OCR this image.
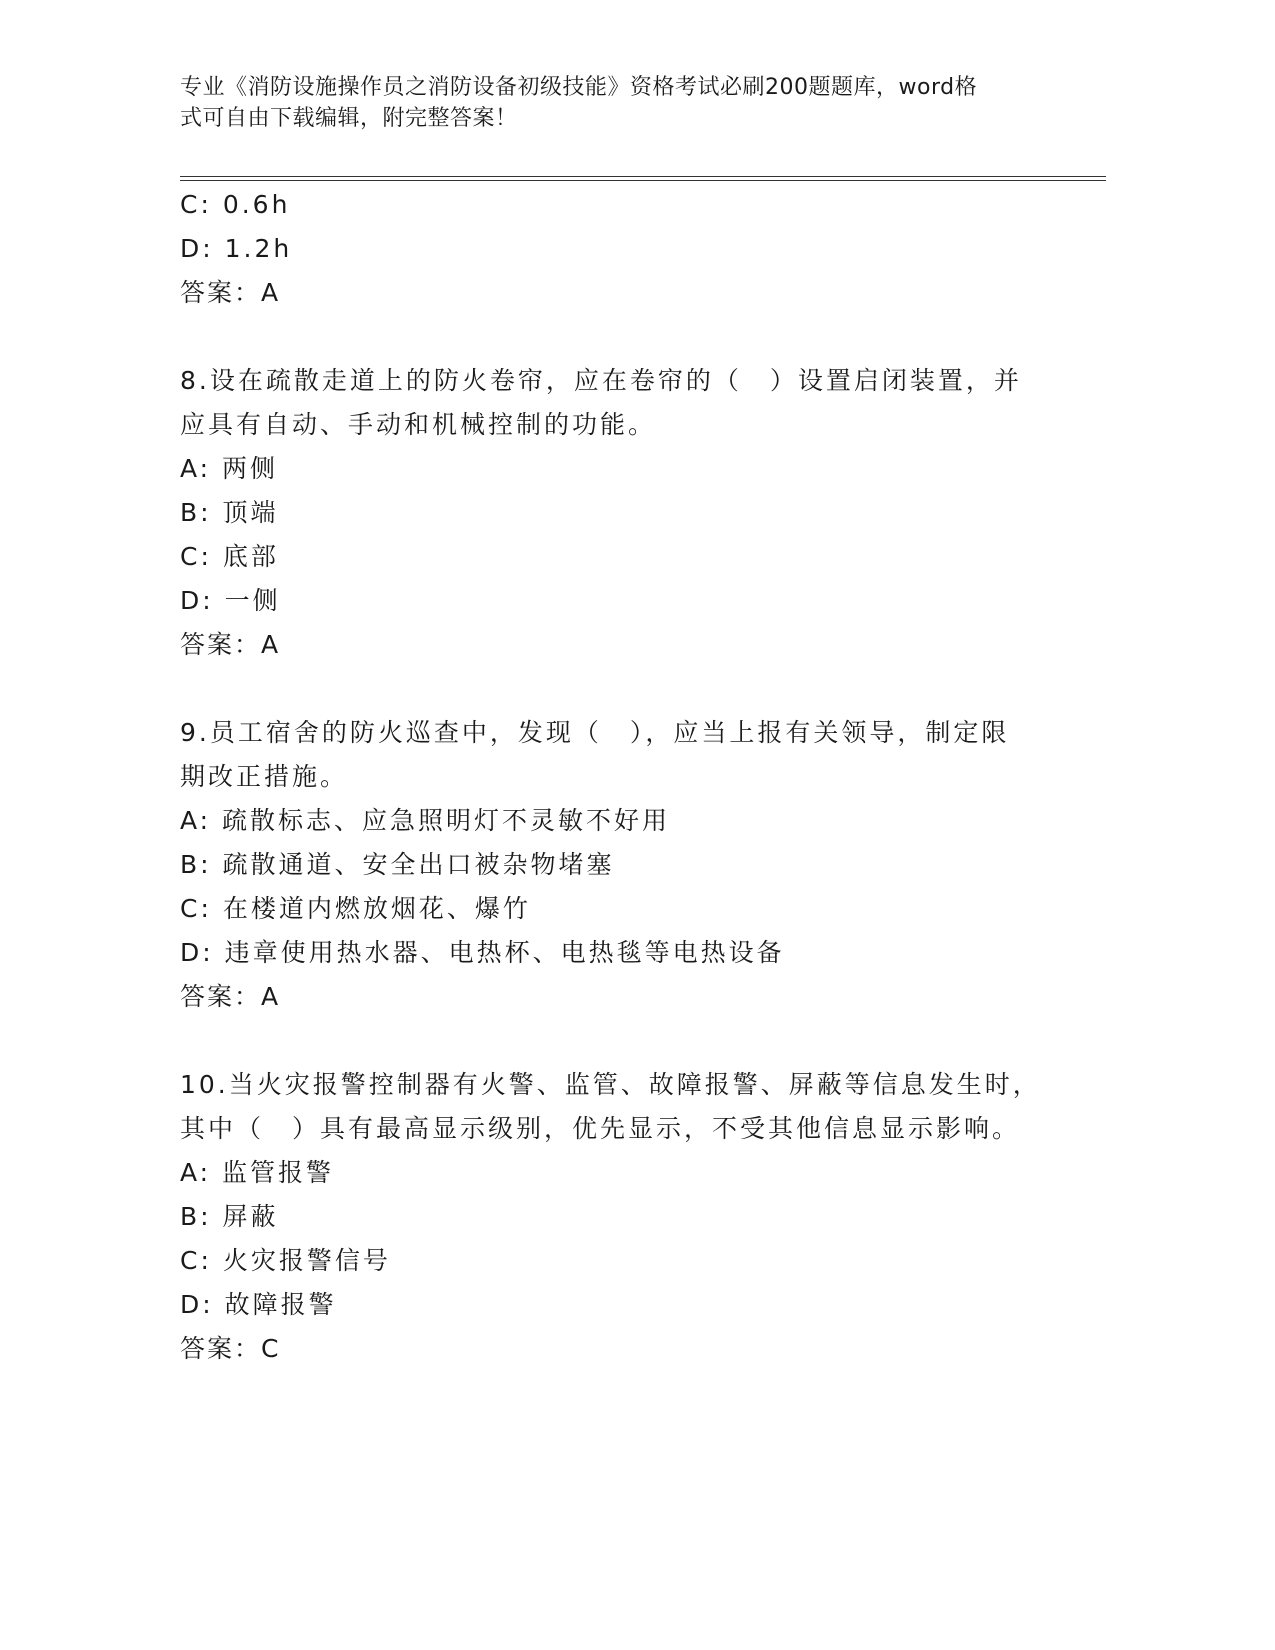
专业《消防设施操作员之消防设备初级技能》资格考试必刷200题题库，word格
式可自由下载编辑，附完整答案！
C: 0.6h
D: 1.2h
答案：A
8.设在疏散走道上的防火卷帘，应在卷帘的（　）设置启闭装置，并
应具有自动、手动和机械控制的功能。
A: 两侧
B: 顶端
C: 底部
D: 一侧
答案：A
9.员工宿舍的防火巡查中，发现（　），应当上报有关领导，制定限
期改正措施。
A: 疏散标志、应急照明灯不灵敏不好用
B: 疏散通道、安全出口被杂物堵塞
C: 在楼道内燃放烟花、爆竹
D: 违章使用热水器、电热杯、电热毯等电热设备
答案：A
10.当火灾报警控制器有火警、监管、故障报警、屏蔽等信息发生时，
其中（　）具有最高显示级别，优先显示，不受其他信息显示影响。
A: 监管报警
B: 屏蔽
C: 火灾报警信号
D: 故障报警
答案：C
